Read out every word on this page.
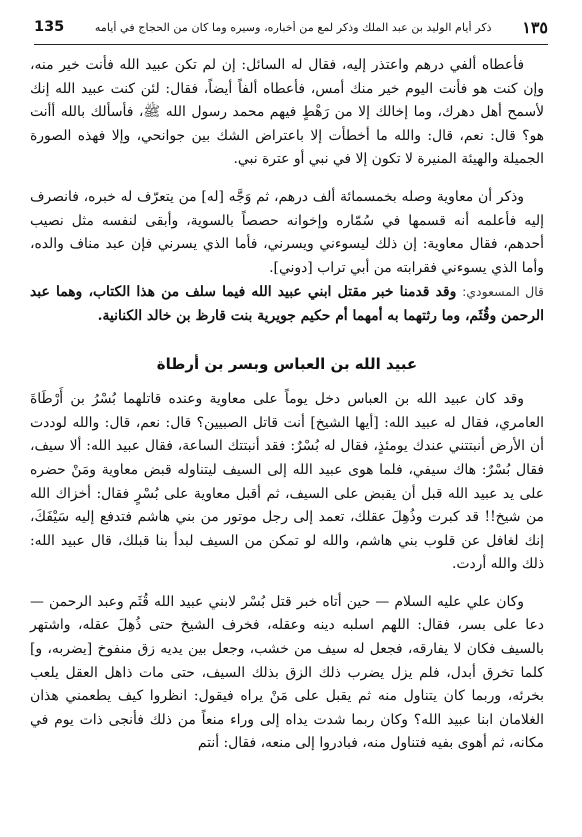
١٣٥
ذكر أيام الوليد بن عبد الملك وذكر لمع من أخباره، وسيره وما كان من الحجاج في أيامه
135

فأعطاه ألفي درهم واعتذر إليه، فقال له السائل: إن لم تكن عبيد الله فأنت خير منه، وإن كنت هو فأنت اليوم خير منك أمس، فأعطاه ألفاً أيضاً، فقال: لئن كنت عبيد الله إنك لأسمح أهل دهرك، وما إخالك إلا من رَهْطٍ فيهم محمد رسول الله ﷺ، فأسألك بالله أأنت هو؟ قال: نعم، قال: والله ما أخطأت إلا باعتراض الشك بين جوانحي، وإلا فهذه الصورة الجميلة والهيئة المنيرة لا تكون إلا في نبي أو عترة نبي.

وذكر أن معاوية وصله بخمسمائة ألف درهم، ثم وَجَّه [له] من يتعرّف له خبره، فانصرف إليه فأعلمه أنه قسمها في سُمّاره وإخوانه حصصاً بالسوية، وأبقى لنفسه مثل نصيب أحدهم، فقال معاوية: إن ذلك ليسوءني ويسرني، فأما الذي يسرني فإن عبد مناف والده، وأما الذي يسوءني فقرابته من أبي تراب [دوني].

قال المسعودي: وقد قدمنا خبر مقتل ابني عبيد الله فيما سلف من هذا الكتاب، وهما عبد الرحمن وقُثَم، وما رثتهما به أمهما أم حكيم جويرية بنت قارظ بن خالد الكنانية.

عبيد الله بن العباس وبسر بن أرطاة

وقد كان عبيد الله بن العباس دخل يوماً على معاوية وعنده قاتلهما بُسْرُ بن أَرْطَاةَ العامري، فقال له عبيد الله: [أيها الشيخ] أنت قاتل الصبيين؟ قال: نعم، قال: والله لوددت أن الأرض أنبتتني عندك يومئذٍ، فقال له بُسْرٌ: فقد أنبتتك الساعة، فقال عبيد الله: ألا سيف، فقال بُسْرٌ: هاك سيفي، فلما هوى عبيد الله إلى السيف ليتناوله قبض معاوية ومَنْ حضره على يد عبيد الله قبل أن يقبض على السيف، ثم أقبل معاوية على بُسْرٍ فقال: أخزاك الله من شيخ!! قد كبرت وذُهِلَ عقلك، تعمد إلى رجل موتور من بني هاشم فتدفع إليه سَيْفَكَ، إنك لغافل عن قلوب بني هاشم، والله لو تمكن من السيف لبدأ بنا قبلك، قال عبيد الله: ذلك والله أردت.

وكان علي عليه السلام — حين أتاه خبر قتل بُسْر لابني عبيد الله قُثَم وعبد الرحمن — دعا على بسر، فقال: اللهم اسلبه دينه وعقله، فخرف الشيخ حتى ذُهِلَ عقله، واشتهر بالسيف فكان لا يفارقه، فجعل له سيف من خشب، وجعل بين يديه زق منفوخ [يضربه، و] كلما تخرق أبدل، فلم يزل يضرب ذلك الزق بذلك السيف، حتى مات ذاهل العقل يلعب بخرئه، وربما كان يتناول منه ثم يقبل على مَنْ يراه فيقول: انظروا كيف يطعمني هذان الغلامان ابنا عبيد الله؟ وكان ربما شدت يداه إلى وراء منعاً من ذلك فأنجى ذات يوم في مكانه، ثم أهوى بفيه فتناول منه، فبادروا إلى منعه، فقال: أنتم
